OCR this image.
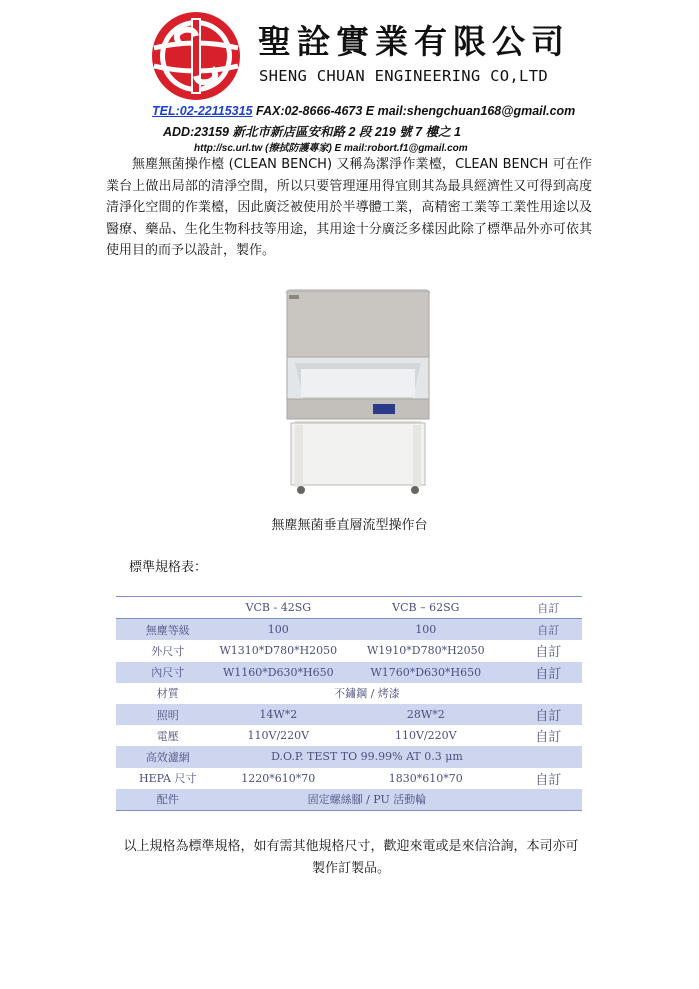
聖詮實業有限公司
SHENG CHUAN ENGINEERING CO,LTD
TEL:02-22115315 FAX:02-8666-4673 E mail:shengchuan168@gmail.com
ADD:23159 新北市新店區安和路 2 段 219 號 7 樓之 1
http://sc.url.tw (擦拭防護專家) E mail:robort.f1@gmail.com
無塵無菌操作檯 (CLEAN BENCH) 又稱為潔淨作業檯，CLEAN BENCH 可在作業台上做出局部的清淨空間，所以只要管理運用得宜則其為最具經濟性又可得到高度清淨化空間的作業檯，因此廣泛被使用於半導體工業，高精密工業等工業性用途以及醫療、藥品、生化生物科技等用途，其用途十分廣泛多樣因此除了標準品外亦可依其使用目的而予以設計，製作。
無塵無菌垂直層流型操作台
標準規格表：
	VCB - 42SG	VCB – 62SG	自訂
無塵等級	100	100	自訂
外尺寸	W1310*D780*H2050	W1910*D780*H2050	自訂
內尺寸	W1160*D630*H650	W1760*D630*H650	自訂
材質	不鏽鋼 / 烤漆		
照明	14W*2	28W*2	自訂
電壓	110V/220V	110V/220V	自訂
高效濾網	D.O.P. TEST TO 99.99% AT 0.3 μm		
HEPA 尺寸	1220*610*70	1830*610*70	自訂
配件	固定螺絲腳 / PU 活動輪		
以上規格為標準規格，如有需其他規格尺寸，歡迎來電或是來信洽詢，本司亦可製作訂製品。
